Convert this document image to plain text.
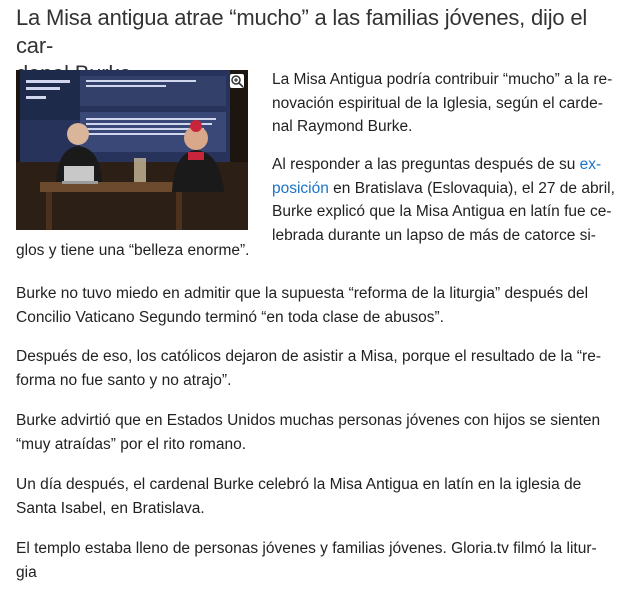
La Misa antigua atrae “mucho” a las familias jóvenes, dijo el car-

La Misa Antigua podría contribuir “mucho” a la re-
novación espiritual de la Iglesia, según el carde-
nal Raymond Burke.

Al responder a las preguntas después de su ex-
posición en Bratislava (Eslovaquia), el 27 de abril,
Burke explicó que la Misa Antigua en latín fue ce-
lebrada durante un lapso de más de catorce si-

glos y tiene una “belleza enorme”.

Burke no tuvo miedo en admitir que la supuesta “reforma de la liturgia” después del
Concilio Vaticano Segundo terminó “en toda clase de abusos”.

Después de eso, los católicos dejaron de asistir a Misa, porque el resultado de la “re-
forma no fue santo y no atrajo”.

Burke advirtió que en Estados Unidos muchas personas jóvenes con hijos se sienten
“muy atraídas” por el rito romano.

Un día después, el cardenal Burke celebró la Misa Antigua en latín en la iglesia de
Santa Isabel, en Bratislava.

El templo estaba lleno de personas jóvenes y familias jóvenes. Gloria.tv filmó la litur-
gia
